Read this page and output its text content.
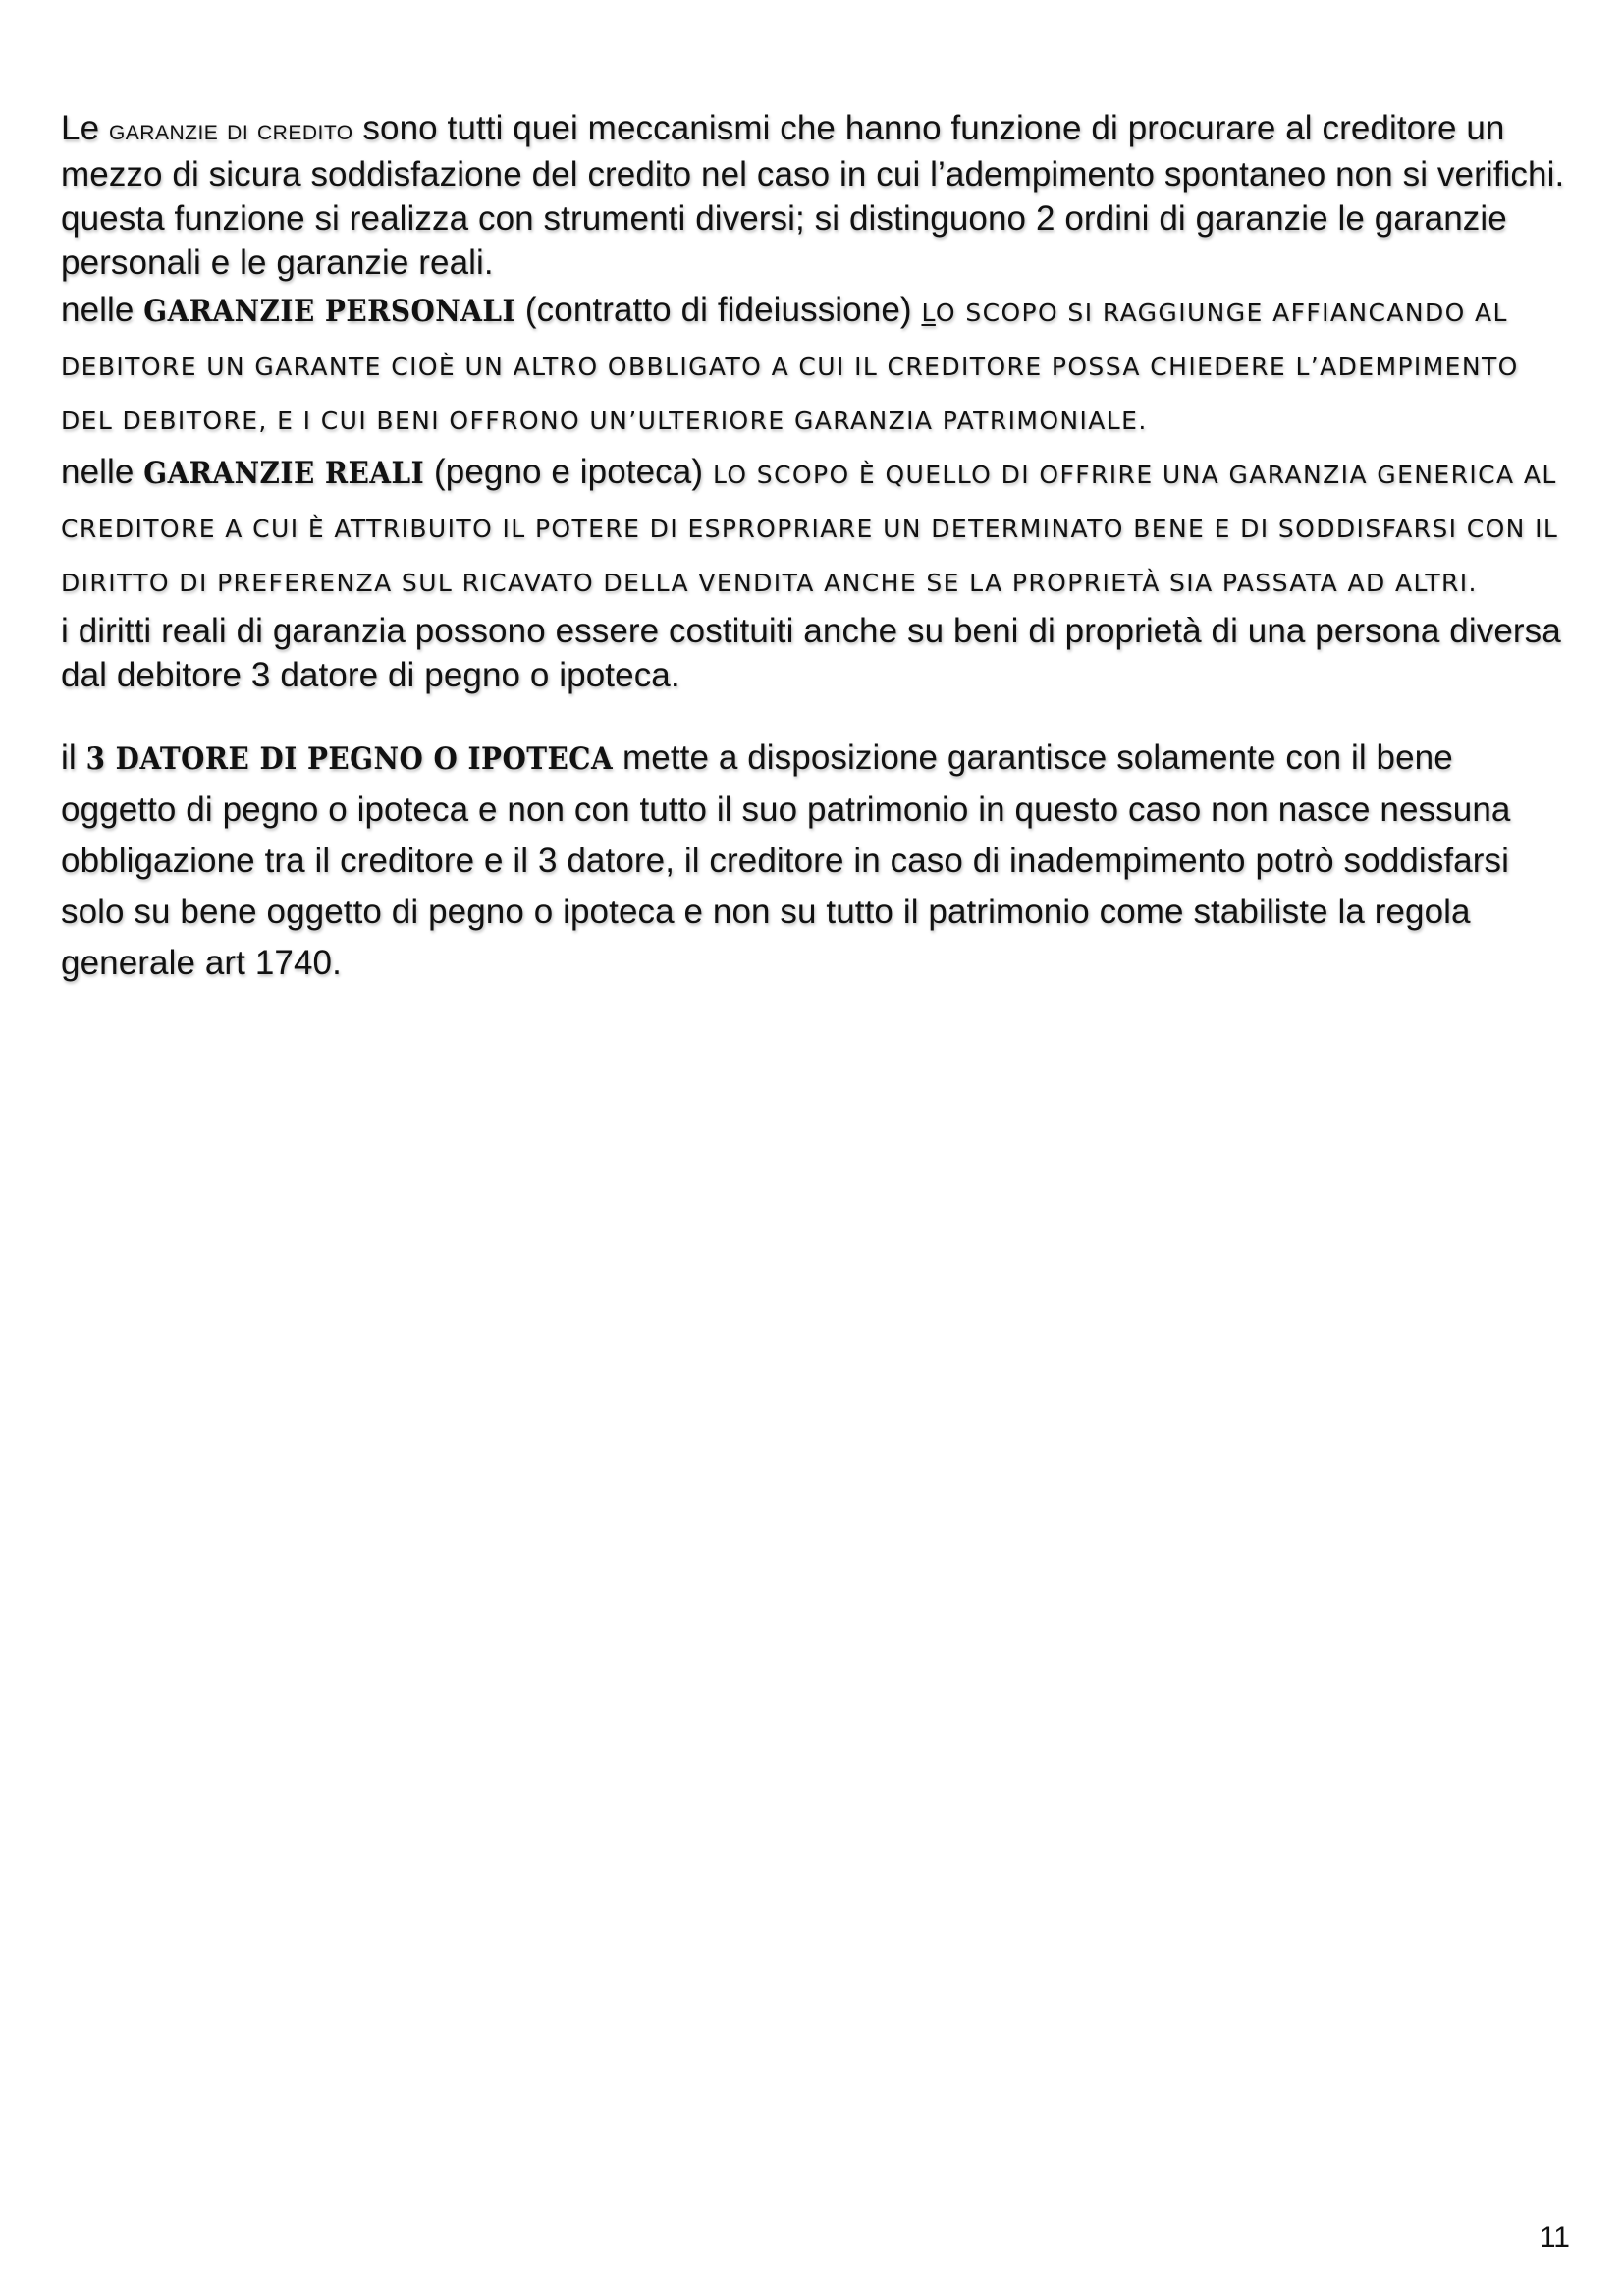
Le garanzie di credito sono tutti quei meccanismi che hanno funzione di procurare al creditore un mezzo di sicura soddisfazione del credito nel caso in cui l’adempimento spontaneo non si verifichi. questa funzione si realizza con strumenti diversi; si distinguono 2 ordini di garanzie le garanzie personali e le garanzie reali.

nelle GARANZIE PERSONALI (contratto di fideiussione) LO SCOPO SI RAGGIUNGE AFFIANCANDO AL DEBITORE UN GARANTE CIOÈ UN ALTRO OBBLIGATO A CUI IL CREDITORE POSSA CHIEDERE L’ADEMPIMENTO DEL DEBITORE, E I CUI BENI OFFRONO UN’ULTERIORE GARANZIA PATRIMONIALE.

nelle GARANZIE REALI (pegno e ipoteca) LO SCOPO È QUELLO DI OFFRIRE UNA GARANZIA GENERICA AL CREDITORE A CUI È ATTRIBUITO IL POTERE DI ESPROPRIARE UN DETERMINATO BENE E DI SODDISFARSI CON IL DIRITTO DI PREFERENZA SUL RICAVATO DELLA VENDITA ANCHE SE LA PROPRIETÀ SIA PASSATA AD ALTRI.

i diritti reali di garanzia possono essere costituiti anche su beni di proprietà di una persona diversa dal debitore 3 datore di pegno o ipoteca.

il 3 DATORE DI PEGNO O IPOTECA mette a disposizione garantisce solamente con il bene oggetto di pegno o ipoteca e non con tutto il suo patrimonio in questo caso non nasce nessuna obbligazione tra il creditore e il 3 datore, il creditore in caso di inadempimento potrò soddisfarsi solo su bene oggetto di pegno o ipoteca e non su tutto il patrimonio come stabiliste la regola generale art 1740.

11
